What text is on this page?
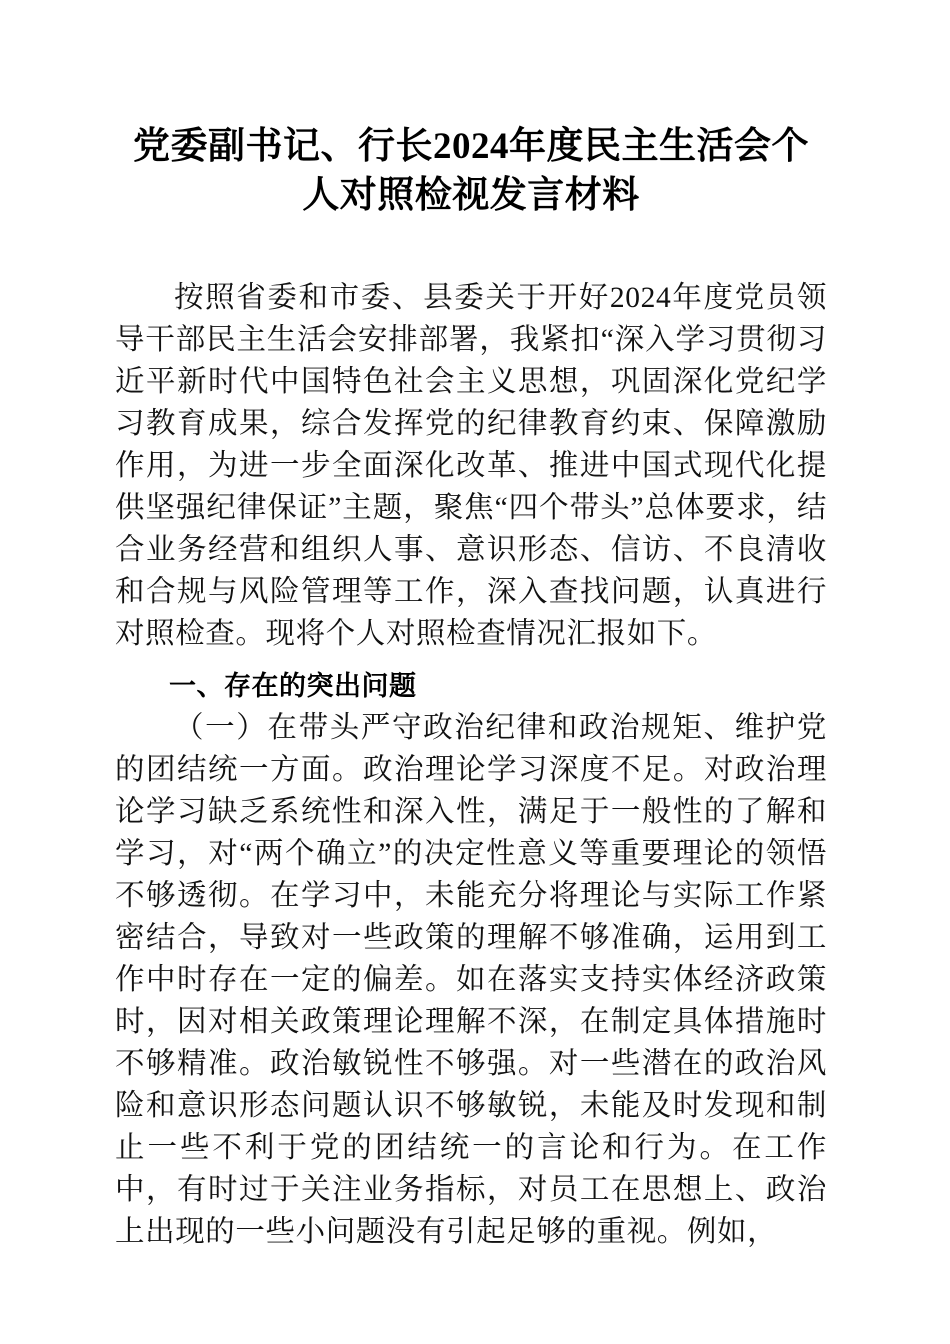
党委副书记、行长2024年度民主生活会个人对照检视发言材料

按照省委和市委、县委关于开好2024年度党员领导干部民主生活会安排部署，我紧扣“深入学习贯彻习近平新时代中国特色社会主义思想，巩固深化党纪学习教育成果，综合发挥党的纪律教育约束、保障激励作用，为进一步全面深化改革、推进中国式现代化提供坚强纪律保证”主题，聚焦“四个带头”总体要求，结合业务经营和组织人事、意识形态、信访、不良清收和合规与风险管理等工作，深入查找问题，认真进行对照检查。现将个人对照检查情况汇报如下。

一、存在的突出问题

（一）在带头严守政治纪律和政治规矩、维护党的团结统一方面。政治理论学习深度不足。对政治理论学习缺乏系统性和深入性，满足于一般性的了解和学习，对“两个确立”的决定性意义等重要理论的领悟不够透彻。在学习中，未能充分将理论与实际工作紧密结合，导致对一些政策的理解不够准确，运用到工作中时存在一定的偏差。如在落实支持实体经济政策时，因对相关政策理论理解不深，在制定具体措施时不够精准。政治敏锐性不够强。对一些潜在的政治风险和意识形态问题认识不够敏锐，未能及时发现和制止一些不利于党的团结统一的言论和行为。在工作中，有时过于关注业务指标，对员工在思想上、政治上出现的一些小问题没有引起足够的重视。例如，
